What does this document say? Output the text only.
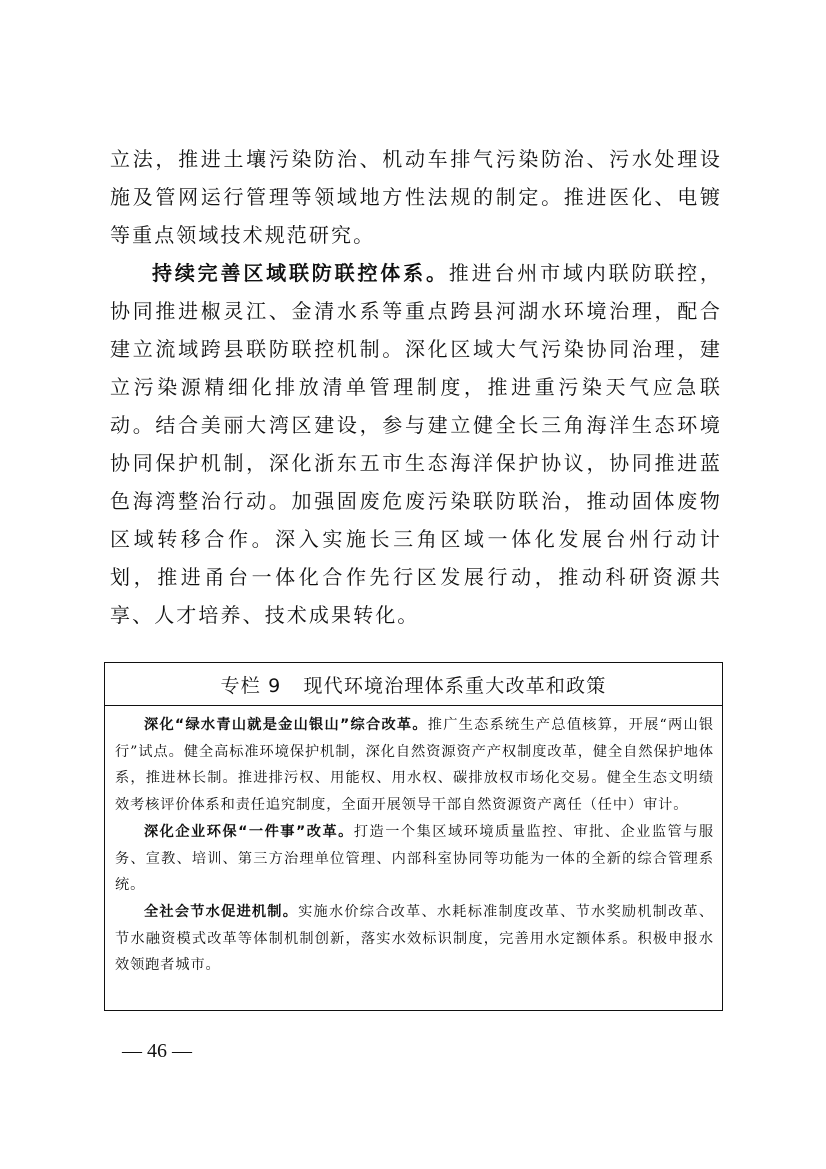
立法，推进土壤污染防治、机动车排气污染防治、污水处理设施及管网运行管理等领域地方性法规的制定。推进医化、电镀等重点领域技术规范研究。

持续完善区域联防联控体系。推进台州市域内联防联控，协同推进椒灵江、金清水系等重点跨县河湖水环境治理，配合建立流域跨县联防联控机制。深化区域大气污染协同治理，建立污染源精细化排放清单管理制度，推进重污染天气应急联动。结合美丽大湾区建设，参与建立健全长三角海洋生态环境协同保护机制，深化浙东五市生态海洋保护协议，协同推进蓝色海湾整治行动。加强固废危废污染联防联治，推动固体废物区域转移合作。深入实施长三角区域一体化发展台州行动计划，推进甬台一体化合作先行区发展行动，推动科研资源共享、人才培养、技术成果转化。

专栏 9 现代环境治理体系重大改革和政策

深化“绿水青山就是金山银山”综合改革。推广生态系统生产总值核算，开展“两山银行”试点。健全高标准环境保护机制，深化自然资源资产产权制度改革，健全自然保护地体系，推进林长制。推进排污权、用能权、用水权、碳排放权市场化交易。健全生态文明绩效考核评价体系和责任追究制度，全面开展领导干部自然资源资产离任（任中）审计。

深化企业环保“一件事”改革。打造一个集区域环境质量监控、审批、企业监管与服务、宣教、培训、第三方治理单位管理、内部科室协同等功能为一体的全新的综合管理系统。

全社会节水促进机制。实施水价综合改革、水耗标准制度改革、节水奖励机制改革、节水融资模式改革等体制机制创新，落实水效标识制度，完善用水定额体系。积极申报水效领跑者城市。

— 46 —
